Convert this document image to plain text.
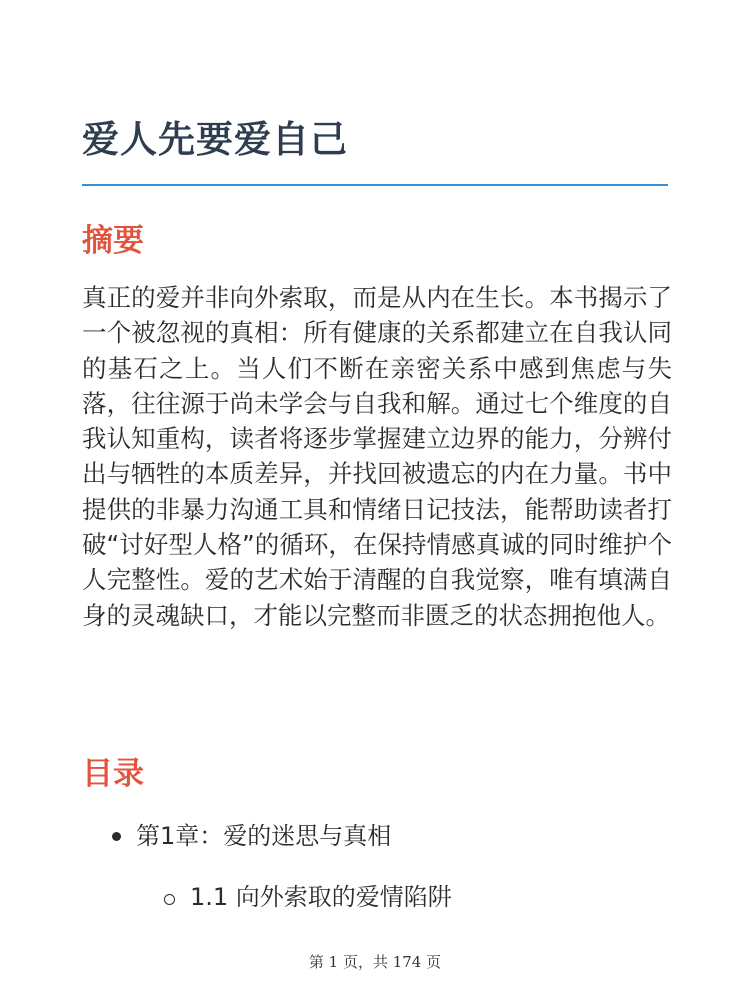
爱人先要爱自己
摘要

真正的爱并非向外索取，而是从内在生长。本书揭示了一个被忽视的真相：所有健康的关系都建立在自我认同的基石之上。当人们不断在亲密关系中感到焦虑与失落，往往源于尚未学会与自我和解。通过七个维度的自我认知重构，读者将逐步掌握建立边界的能力，分辨付出与牺牲的本质差异，并找回被遗忘的内在力量。书中提供的非暴力沟通工具和情绪日记技法，能帮助读者打破“讨好型人格”的循环，在保持情感真诚的同时维护个人完整性。爱的艺术始于清醒的自我觉察，唯有填满自身的灵魂缺口，才能以完整而非匮乏的状态拥抱他人。

目录
第1章：爱的迷思与真相
1.1 向外索取的爱情陷阱
第 1 页，共 174 页
